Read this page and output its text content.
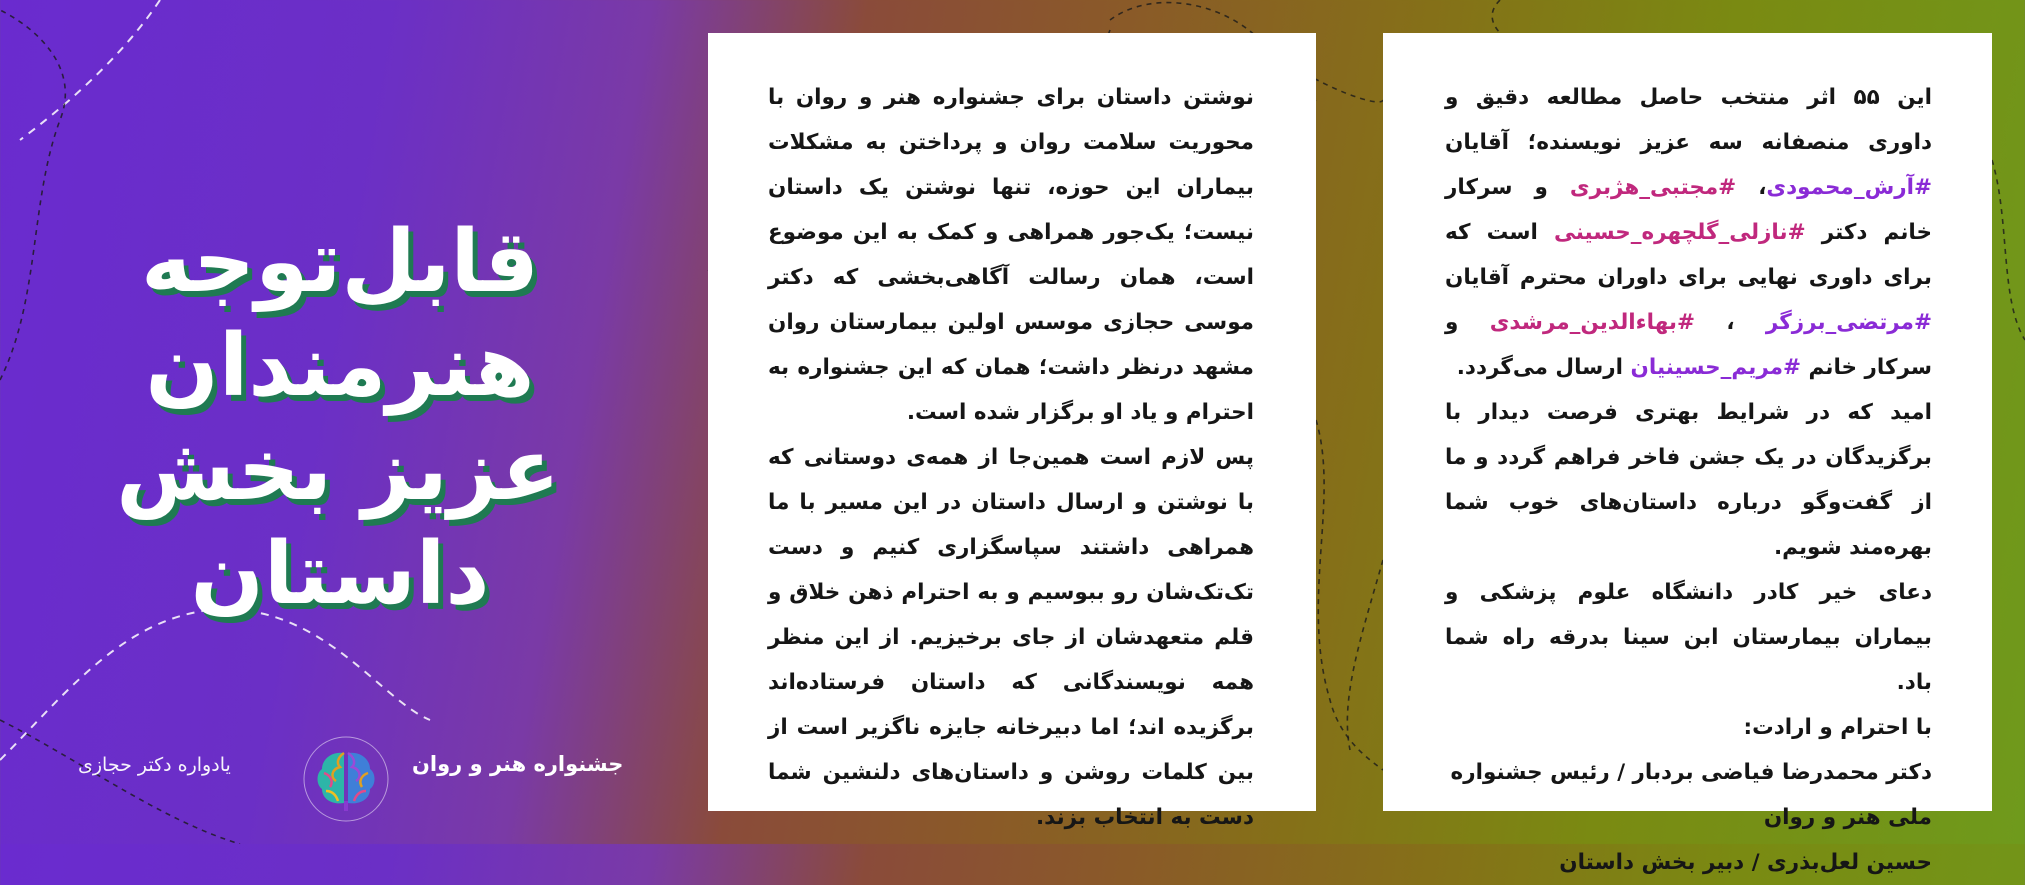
قابل‌توجه
هنرمندان
عزیز بخش
داستان
جشنواره هنر و روان
یادواره دکتر حجازی

نوشتن داستان برای جشنواره هنر و روان با محوریت سلامت روان و پرداختن به مشکلات بیماران این حوزه، تنها نوشتن یک داستان نیست؛ یک‌جور همراهی و کمک به این موضوع است، همان رسالت آگاهی‌بخشی که دکتر موسی حجازی موسس اولین بیمارستان روان مشهد درنظر داشت؛ همان که این جشنواره به احترام و یاد او برگزار شده است.

پس لازم است همین‌جا از همه‌ی دوستانی که با نوشتن و ارسال داستان در این مسیر با ما همراهی داشتند سپاسگزاری کنیم و دست تک‌تک‌شان رو ببوسیم و به احترام ذهن خلاق و قلم متعهدشان از جای برخیزیم. از این منظر همه نویسندگانی که داستان فرستاده‌اند برگزیده اند؛ اما دبیرخانه جایزه ناگزیر است از بین کلمات روشن و داستان‌های دلنشین شما دست به انتخاب بزند.

این ۵۵ اثر منتخب حاصل مطالعه دقیق و داوری منصفانه سه عزیز نویسنده؛ آقایان #آرش_محمودی، #مجتبی_هژبری و سرکار خانم دکتر #نازلی_گلچهره_حسینی است که برای داوری نهایی برای داوران محترم آقایان #مرتضی_برزگر ، #بهاءالدین_مرشدی و سرکار خانم #مریم_حسینیان ارسال می‌گردد.

امید که در شرایط بهتری فرصت دیدار با برگزیدگان در یک جشن فاخر فراهم گردد و ما از گفت‌وگو درباره داستان‌های خوب شما بهره‌مند شویم.

دعای خیر کادر دانشگاه علوم پزشکی و بیماران بیمارستان ابن سینا بدرقه راه شما باد.

با احترام و ارادت:

دکتر محمدرضا فیاضی بردبار / رئیس جشنواره ملی هنر و روان

حسین لعل‌بذری / دبیر بخش داستان
